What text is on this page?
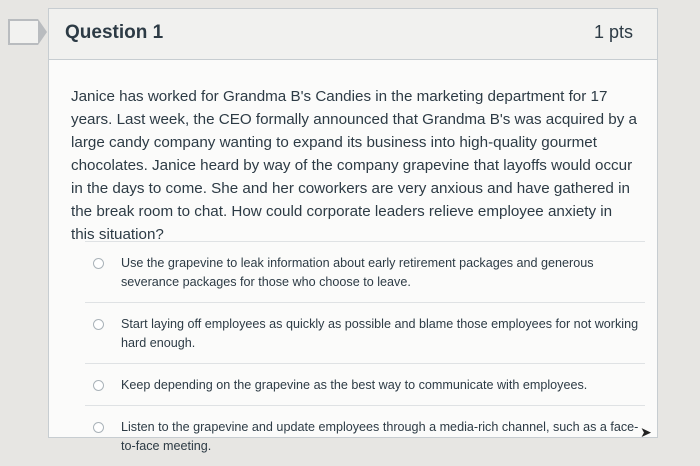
Question 1	1 pts
Janice has worked for Grandma B's Candies in the marketing department for 17 years. Last week, the CEO formally announced that Grandma B's was acquired by a large candy company wanting to expand its business into high-quality gourmet chocolates. Janice heard by way of the company grapevine that layoffs would occur in the days to come. She and her coworkers are very anxious and have gathered in the break room to chat. How could corporate leaders relieve employee anxiety in this situation?
Use the grapevine to leak information about early retirement packages and generous severance packages for those who choose to leave.
Start laying off employees as quickly as possible and blame those employees for not working hard enough.
Keep depending on the grapevine as the best way to communicate with employees.
Listen to the grapevine and update employees through a media-rich channel, such as a face-to-face meeting.
➤
